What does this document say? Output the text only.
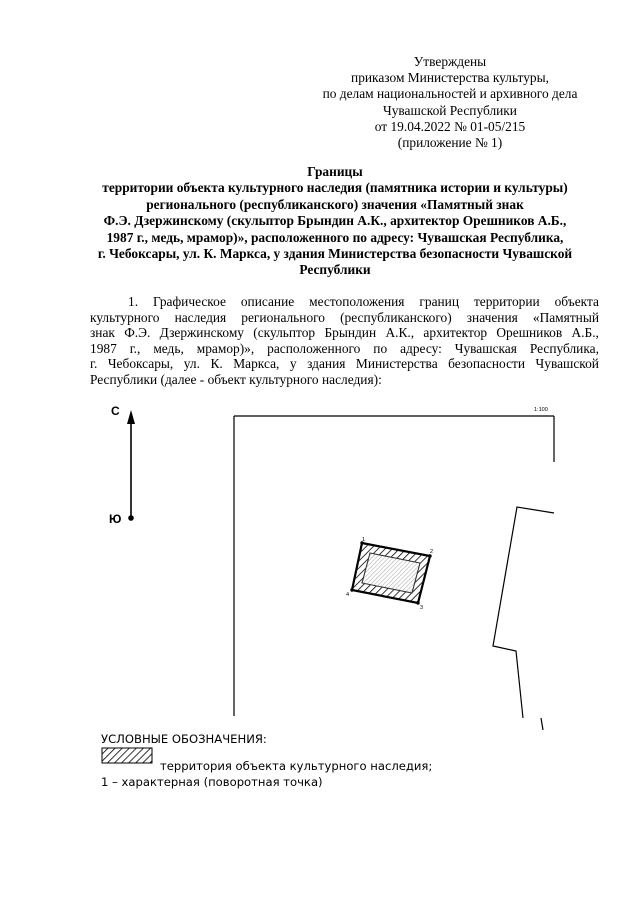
Утверждены
приказом Министерства культуры,
по делам национальностей и архивного дела
Чувашской Республики
от 19.04.2022 № 01-05/215
(приложение № 1)
Границы
территории объекта культурного наследия (памятника истории и культуры)
регионального (республиканского) значения «Памятный знак
Ф.Э. Дзержинскому (скульптор Брындин А.К., архитектор Орешников А.Б.,
1987 г., медь, мрамор)», расположенного по адресу: Чувашская Республика,
г. Чебоксары, ул. К. Маркса, у здания Министерства безопасности Чувашской
Республики
1. Графическое описание местоположения границ территории объекта
культурного наследия регионального (республиканского) значения «Памятный
знак Ф.Э. Дзержинскому (скульптор Брындин А.К., архитектор Орешников А.Б.,
1987 г., медь, мрамор)», расположенного по адресу: Чувашская Республика,
г. Чебоксары, ул. К. Маркса, у здания Министерства безопасности Чувашской
Республики (далее - объект культурного наследия):
С
Ю
1:100
1
2
3
4
УСЛОВНЫЕ ОБОЗНАЧЕНИЯ:
территория объекта культурного наследия;
1 – характерная (поворотная точка)
